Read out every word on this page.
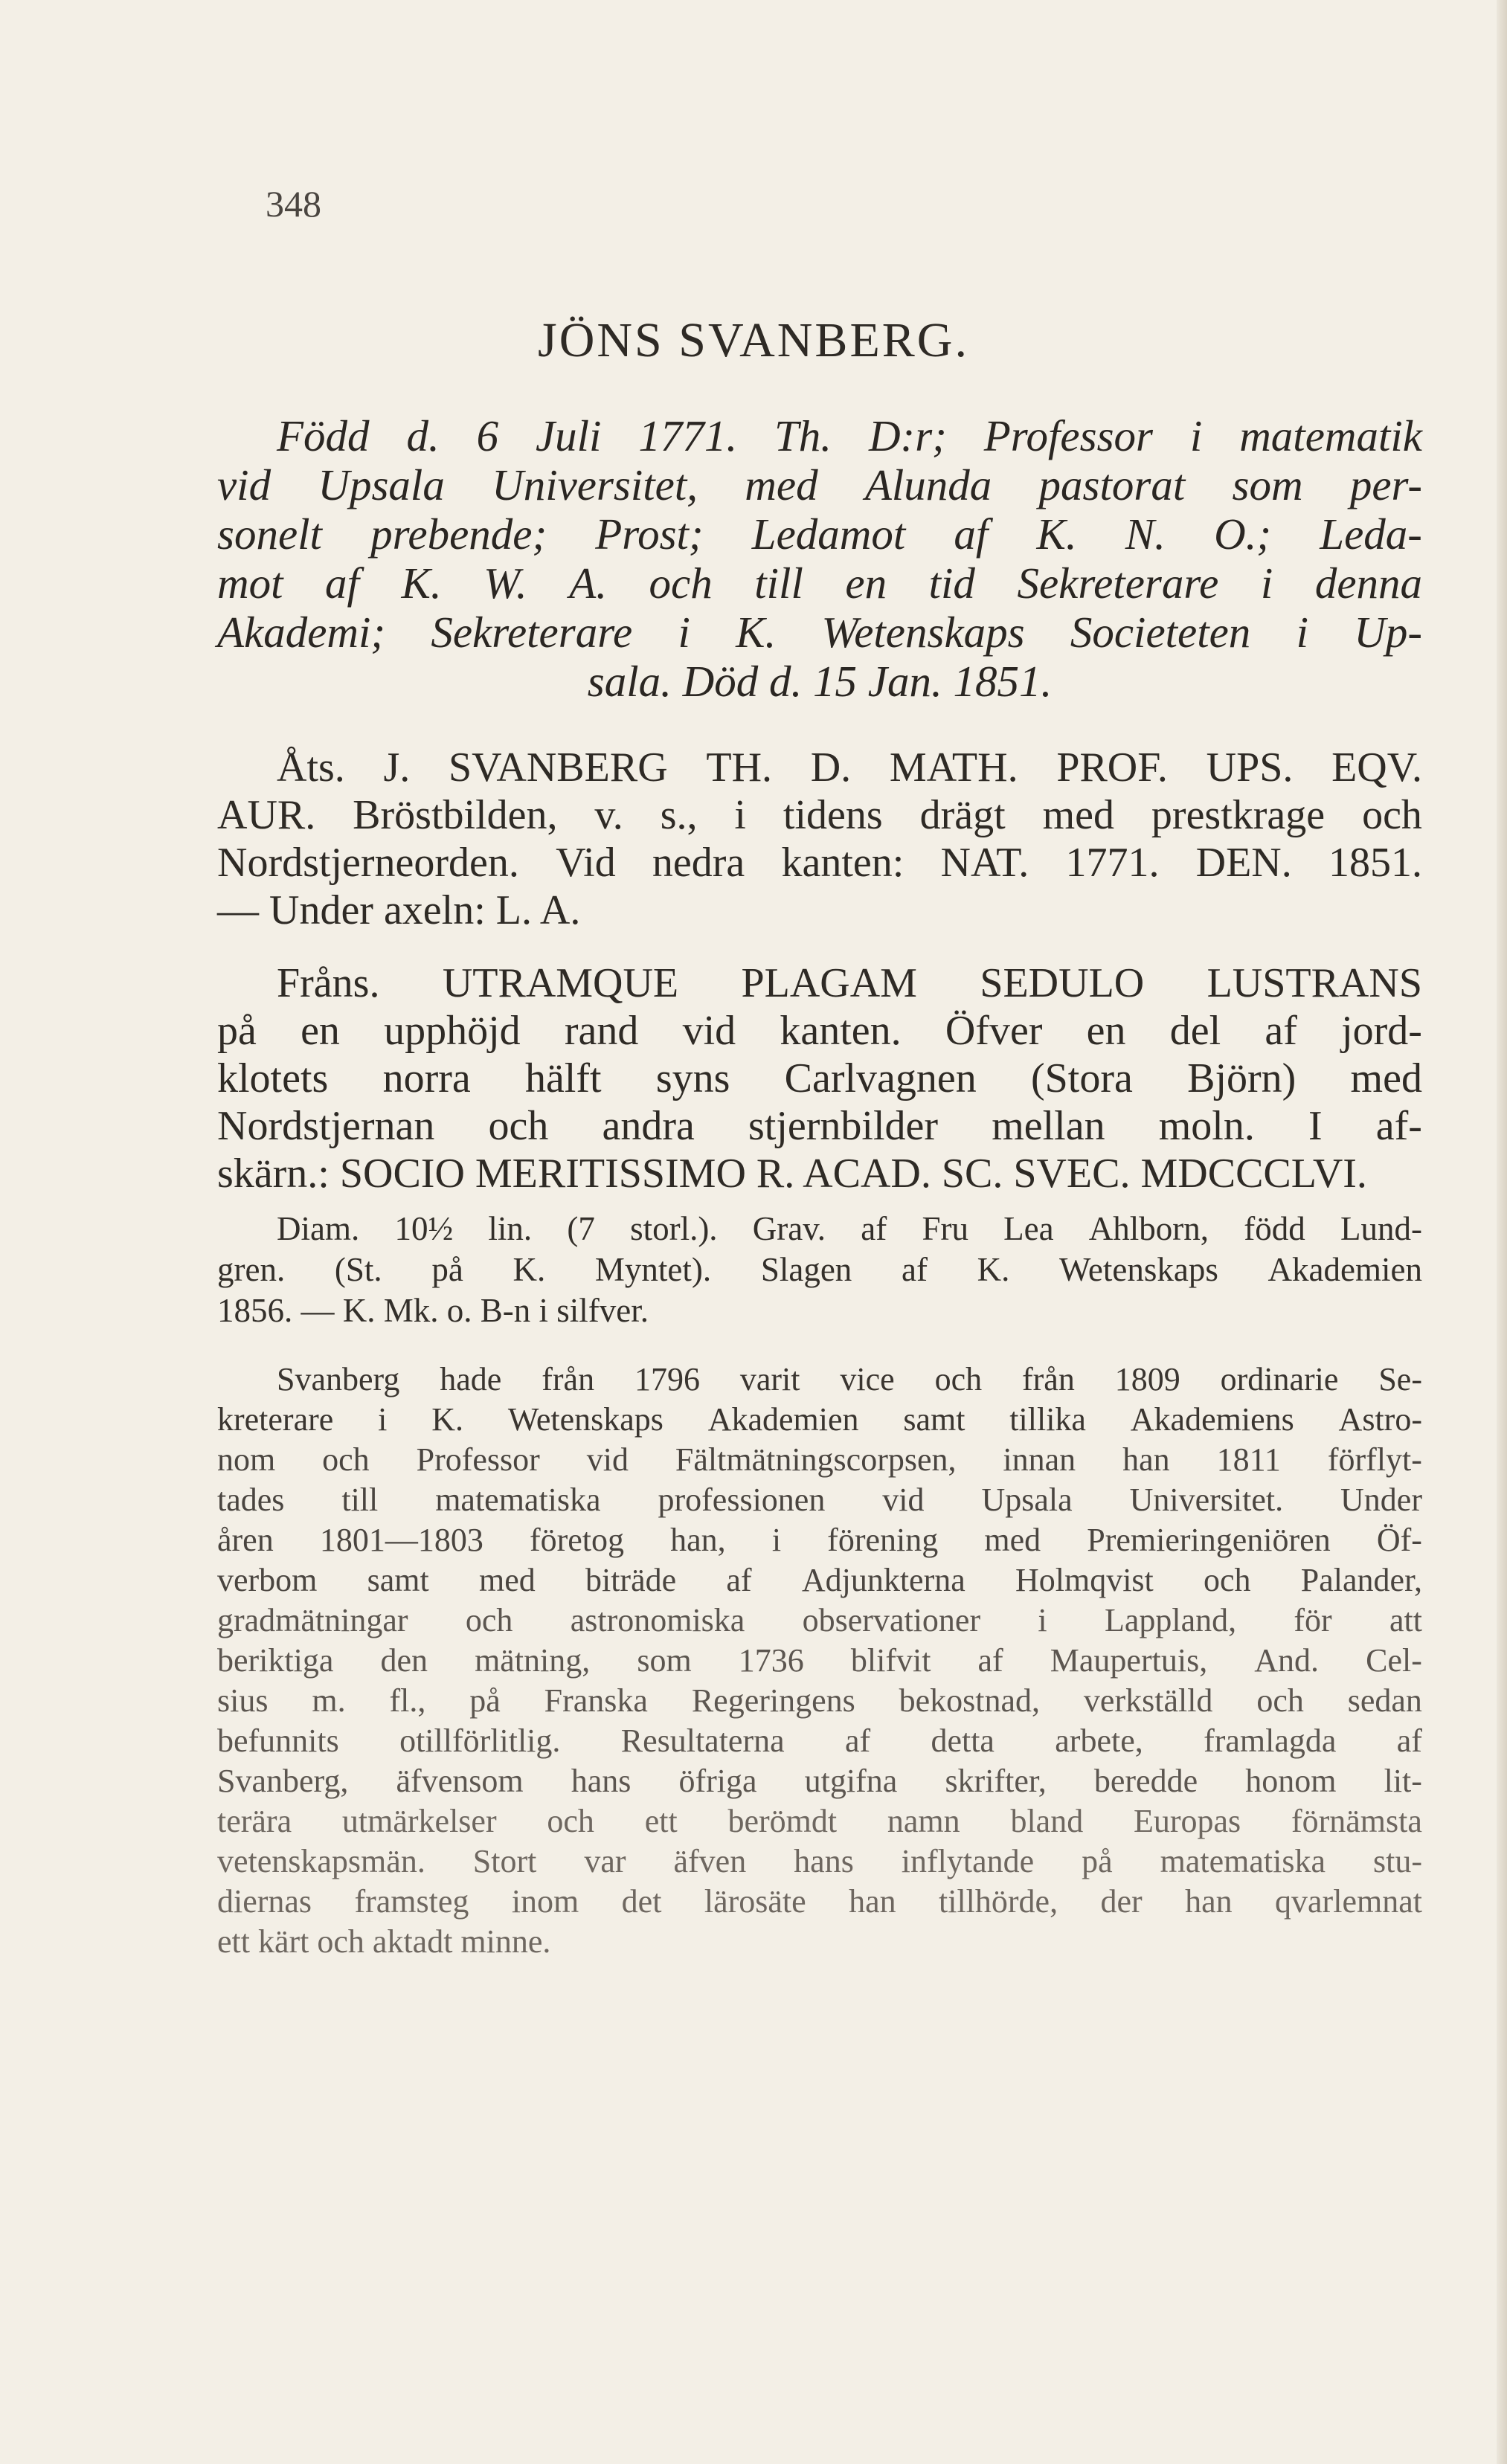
348
JÖNS SVANBERG.
Född d. 6 Juli 1771. Th. D:r; Professor i matematik
vid Upsala Universitet, med Alunda pastorat som per-
sonelt prebende; Prost; Ledamot af K. N. O.; Leda-
mot af K. W. A. och till en tid Sekreterare i denna
Akademi; Sekreterare i K. Wetenskaps Societeten i Up-
sala. Död d. 15 Jan. 1851.
Åts. J. SVANBERG TH. D. MATH. PROF. UPS. EQV.
AUR. Bröstbilden, v. s., i tidens drägt med prestkrage och
Nordstjerneorden. Vid nedra kanten: NAT. 1771. DEN. 1851.
— Under axeln: L. A.
Fråns. UTRAMQUE PLAGAM SEDULO LUSTRANS
på en upphöjd rand vid kanten. Öfver en del af jord-
klotets norra hälft syns Carlvagnen (Stora Björn) med
Nordstjernan och andra stjernbilder mellan moln. I af-
skärn.: SOCIO MERITISSIMO R. ACAD. SC. SVEC. MDCCCLVI.
Diam. 10½ lin. (7 storl.). Grav. af Fru Lea Ahlborn, född Lund-
gren. (St. på K. Myntet). Slagen af K. Wetenskaps Akademien
1856. — K. Mk. o. B-n i silfver.
Svanberg hade från 1796 varit vice och från 1809 ordinarie Se-
kreterare i K. Wetenskaps Akademien samt tillika Akademiens Astro-
nom och Professor vid Fältmätningscorpsen, innan han 1811 förflyt-
tades till matematiska professionen vid Upsala Universitet. Under
åren 1801—1803 företog han, i förening med Premieringeniören Öf-
verbom samt med biträde af Adjunkterna Holmqvist och Palander,
gradmätningar och astronomiska observationer i Lappland, för att
beriktiga den mätning, som 1736 blifvit af Maupertuis, And. Cel-
sius m. fl., på Franska Regeringens bekostnad, verkställd och sedan
befunnits otillförlitlig. Resultaterna af detta arbete, framlagda af
Svanberg, äfvensom hans öfriga utgifna skrifter, beredde honom lit-
terära utmärkelser och ett berömdt namn bland Europas förnämsta
vetenskapsmän. Stort var äfven hans inflytande på matematiska stu-
diernas framsteg inom det lärosäte han tillhörde, der han qvarlemnat
ett kärt och aktadt minne.
